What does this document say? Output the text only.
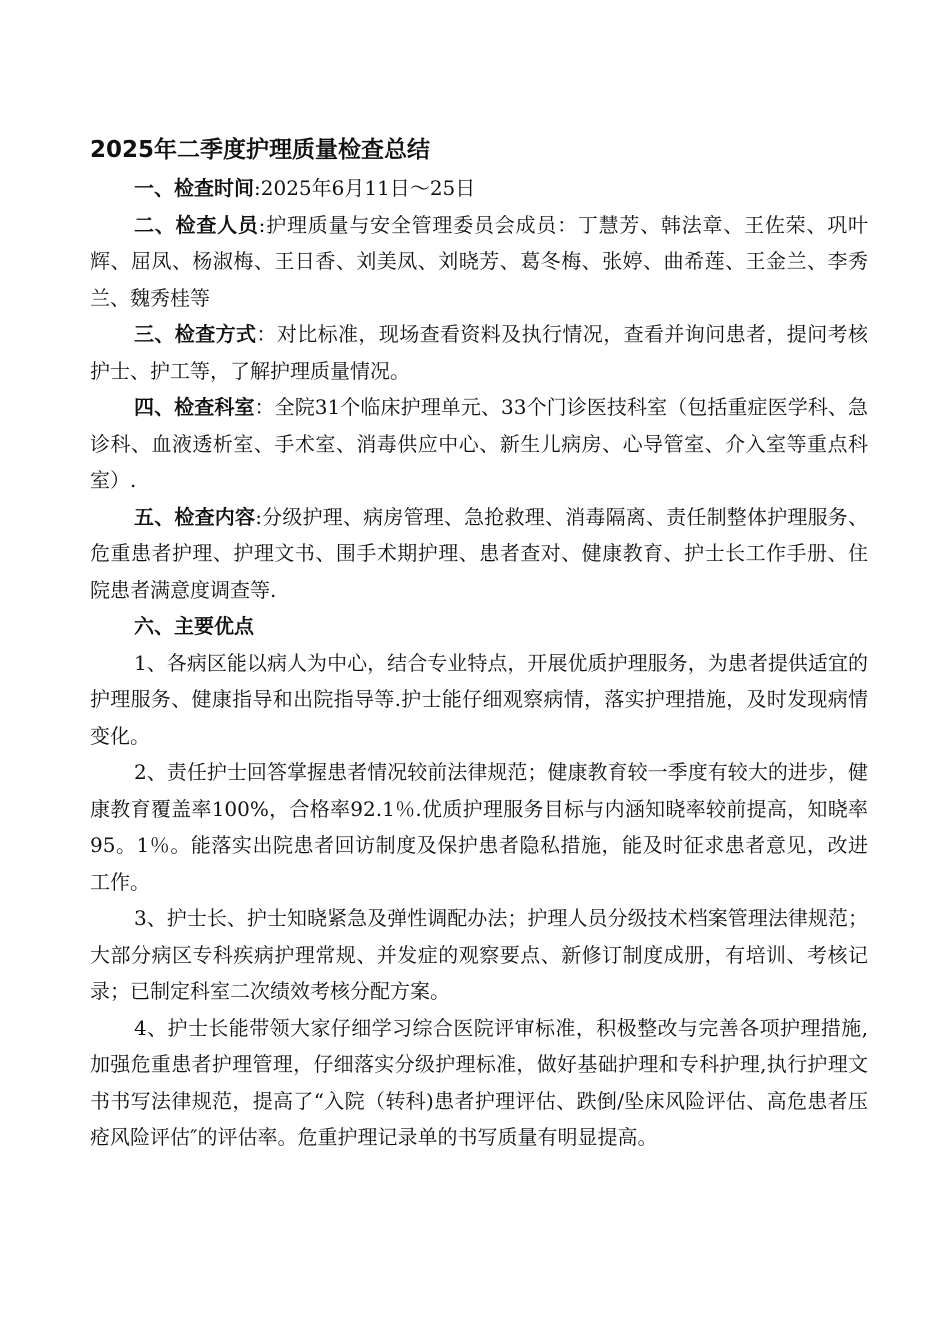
2025年二季度护理质量检查总结

一、检查时间:2025年6月11日～25日

二、检查人员:护理质量与安全管理委员会成员：丁慧芳、韩法章、王佐荣、巩叶辉、屈凤、杨淑梅、王日香、刘美凤、刘晓芳、葛冬梅、张婷、曲希莲、王金兰、李秀兰、魏秀桂等

三、检查方式：对比标准，现场查看资料及执行情况，查看并询问患者，提问考核护士、护工等，了解护理质量情况。

四、检查科室：全院31个临床护理单元、33个门诊医技科室（包括重症医学科、急诊科、血液透析室、手术室、消毒供应中心、新生儿病房、心导管室、介入室等重点科室）.

五、检查内容:分级护理、病房管理、急抢救理、消毒隔离、责任制整体护理服务、危重患者护理、护理文书、围手术期护理、患者查对、健康教育、护士长工作手册、住院患者满意度调查等.

六、主要优点

1、各病区能以病人为中心，结合专业特点，开展优质护理服务，为患者提供适宜的护理服务、健康指导和出院指导等.护士能仔细观察病情，落实护理措施，及时发现病情变化。

2、责任护士回答掌握患者情况较前法律规范；健康教育较一季度有较大的进步，健康教育覆盖率100%，合格率92.1％.优质护理服务目标与内涵知晓率较前提高，知晓率95。1％。能落实出院患者回访制度及保护患者隐私措施，能及时征求患者意见，改进工作。

3、护士长、护士知晓紧急及弹性调配办法；护理人员分级技术档案管理法律规范；大部分病区专科疾病护理常规、并发症的观察要点、新修订制度成册，有培训、考核记录；已制定科室二次绩效考核分配方案。

4、护士长能带领大家仔细学习综合医院评审标准，积极整改与完善各项护理措施,加强危重患者护理管理，仔细落实分级护理标准，做好基础护理和专科护理,执行护理文书书写法律规范，提高了“入院（转科)患者护理评估、跌倒/坠床风险评估、高危患者压疮风险评估″的评估率。危重护理记录单的书写质量有明显提高。
